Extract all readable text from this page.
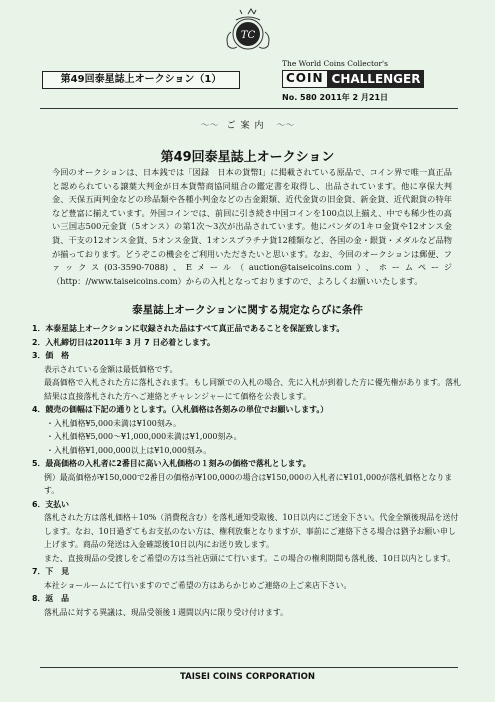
TC
第49回泰星誌上オークション（1）
The World Coins Collector's
COIN CHALLENGER
No. 580 2011年 2 月21日
～〜 ご案内 〜～
第49回泰星誌上オークション
今回のオークションは、日本銭では「図録　日本の貨幣Ⅰ」に掲載されている原品で、コイン界で唯一真正品と認められている譲葉大判金が日本貨幣商協同組合の鑑定書を取得し、出品されています。他に享保大判金、天保五両判金などの珍品類や各種小判金などの古金銀類、近代金貨の旧金貨、新金貨、近代銀貨の特年など豊富に揃えています。外国コインでは、前回に引き続き中国コインを100点以上揃え、中でも稀少性の高い三国志500元金貨（5オンス）の第1次～3次が出品されています。他にパンダの1キロ金貨や12オンス金貨、干支の12オンス金貨、5オンス金貨、1オンスプラチナ貨12種類など、各国の金・銀貨・メダルなど品物が揃っております。どうぞこの機会をご利用いただきたいと思います。なお、今回のオークションは郵便、ファックス(03-3590-7088)、Eメール（auction@taiseicoins.com）、ホームページ（http：//www.taiseicoins.com）からの入札となっておりますので、よろしくお願いいたします。
泰星誌上オークションに関する規定ならびに条件
1．本泰星誌上オークションに収録された品はすべて真正品であることを保証致します。
2．入札締切日は2011年 3 月 7 日必着とします。
3．価　格
表示されている金額は最低価格です。
最高価格で入札された方に落札されます。もし同額での入札の場合、先に入札が到着した方に優先権があります。落札結果は直接落札された方へご連絡とチャレンジャーにて価格を公表します。
4．競売の価幅は下記の通りとします。（入札価格は各刻みの単位でお願いします。）
・入札価格¥5,000未満は¥100刻み。
・入札価格¥5,000～¥1,000,000未満は¥1,000刻み。
・入札価格¥1,000,000以上は¥10,000刻み。
5．最高価格の入札者に2番目に高い入札価格の１刻みの価格で落札とします。
例）最高価格が¥150,000で2番目の価格が¥100,000の場合は¥150,000の入札者に¥101,000が落札価格となります。
6．支払い
落札された方は落札価格＋10%（消費税含む）を落札通知受取後、10日以内にご送金下さい。代金全額後現品を送付します。なお、10日過ぎてもお支払のない方は、権利放棄となりますが、事前にご連絡下さる場合は猶予お願い申し上げます。商品の発送は入金確認後10日以内にお送り致します。
また、直接現品の受渡しをご希望の方は当社店頭にて行います。この場合の権利期間も落札後、10日以内とします。
7．下　見
本社ショールームにて行いますのでご希望の方はあらかじめご連絡の上ご来店下さい。
8．返　品
落札品に対する異議は、現品受領後１週間以内に限り受け付けます。
TAISEI COINS CORPORATION
